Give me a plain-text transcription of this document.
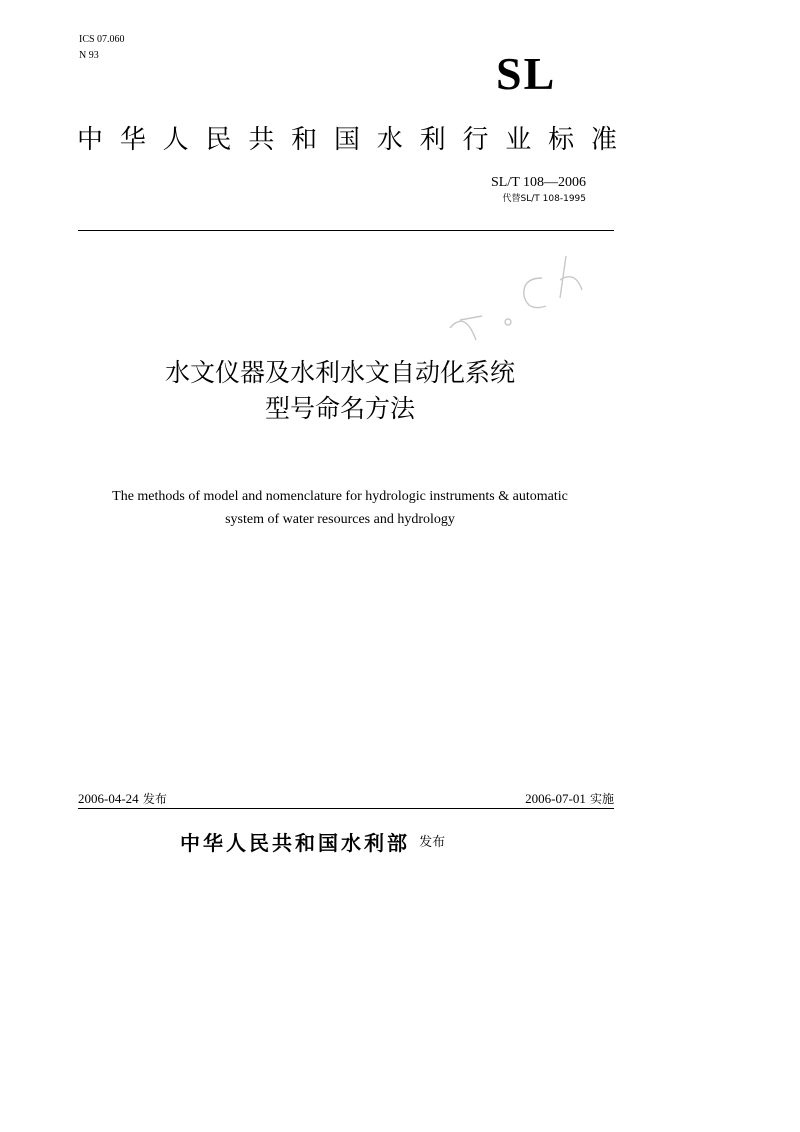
ICS 07.060
N 93	SL
中 华 人 民 共 和 国 水 利 行 业 标 准
SL/T 108—2006
代替SL/T 108-1995
水文仪器及水利水文自动化系统
型号命名方法
The methods of model and nomenclature for hydrologic instruments & automatic
system of water resources and hydrology
2006-04-24 发布	2006-07-01 实施
中华人民共和国水利部 $^{发布}$
